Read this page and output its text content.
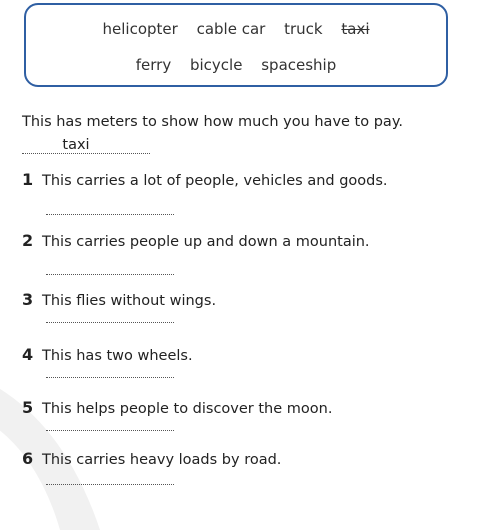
helicopter cable car truck taxi
ferry bicycle spaceship
This has meters to show how much you have to pay.
taxi
1 This carries a lot of people, vehicles and goods.
2 This carries people up and down a mountain.
3 This flies without wings.
4 This has two wheels.
5 This helps people to discover the moon.
6 This carries heavy loads by road.
